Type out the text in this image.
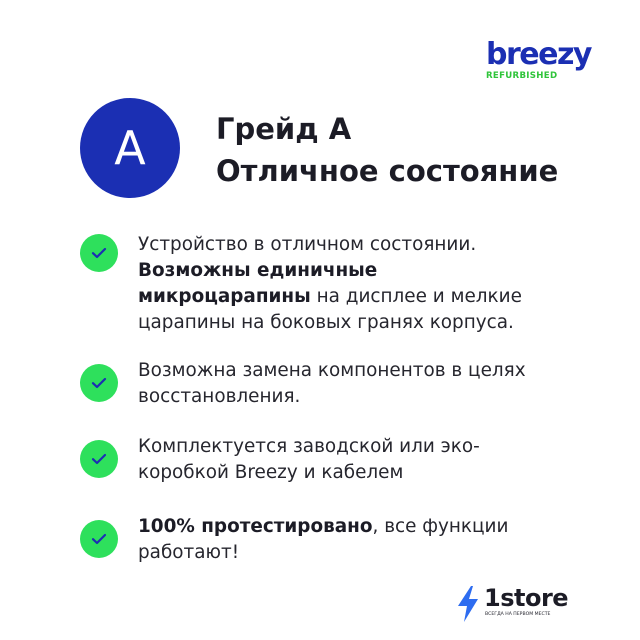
breezy
REFURBISHED
A	Грейд А
Отличное состояние
Устройство в отличном состоянии.
Возможны единичные
микроцарапины на дисплее и мелкие
царапины на боковых гранях корпуса.
Возможна замена компонентов в целях
восстановления.
Комплектуется заводской или эко-
коробкой Breezy и кабелем
100% протестировано, все функции
работают!
1store
ВСЕГДА НА ПЕРВОМ МЕСТЕ
